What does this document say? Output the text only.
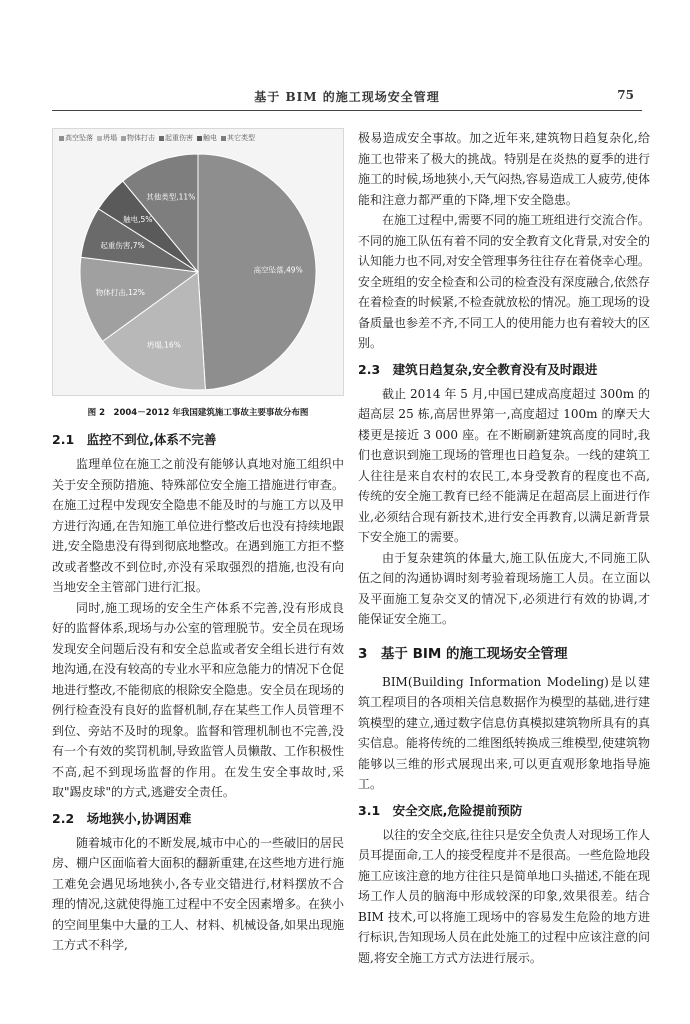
基于 BIM 的施工现场安全管理	75
高空坠落 坍塌 物体打击 起重伤害 触电 其它类型
高空坠落,49%
坍塌,16%
物体打击,12%
起重伤害,7%
触电,5%
其他类型,11%
图 2　2004－2012 年我国建筑施工事故主要事故分布图
2.1　监控不到位,体系不完善

监理单位在施工之前没有能够认真地对施工组织中关于安全预防措施、特殊部位安全施工措施进行审查。在施工过程中发现安全隐患不能及时的与施工方以及甲方进行沟通,在告知施工单位进行整改后也没有持续地跟进,安全隐患没有得到彻底地整改。在遇到施工方拒不整改或者整改不到位时,亦没有采取强烈的措施,也没有向当地安全主管部门进行汇报。

同时,施工现场的安全生产体系不完善,没有形成良好的监督体系,现场与办公室的管理脱节。安全员在现场发现安全问题后没有和安全总监或者安全组长进行有效地沟通,在没有较高的专业水平和应急能力的情况下仓促地进行整改,不能彻底的根除安全隐患。安全员在现场的例行检查没有良好的监督机制,存在某些工作人员管理不到位、旁站不及时的现象。监督和管理机制也不完善,没有一个有效的奖罚机制,导致监管人员懒散、工作积极性不高,起不到现场监督的作用。在发生安全事故时,采取"踢皮球"的方式,逃避安全责任。

2.2　场地狭小,协调困难

随着城市化的不断发展,城市中心的一些破旧的居民房、棚户区面临着大面积的翻新重建,在这些地方进行施工难免会遇见场地狭小,各专业交错进行,材料摆放不合理的情况,这就使得施工过程中不安全因素增多。在狭小的空间里集中大量的工人、材料、机械设备,如果出现施工方式不科学,

极易造成安全事故。加之近年来,建筑物日趋复杂化,给施工也带来了极大的挑战。特别是在炎热的夏季的进行施工的时候,场地狭小,天气闷热,容易造成工人疲劳,使体能和注意力都严重的下降,埋下安全隐患。

在施工过程中,需要不同的施工班组进行交流合作。不同的施工队伍有着不同的安全教育文化背景,对安全的认知能力也不同,对安全管理事务往往存在着侥幸心理。安全班组的安全检查和公司的检查没有深度融合,依然存在着检查的时候紧,不检查就放松的情况。施工现场的设备质量也参差不齐,不同工人的使用能力也有着较大的区别。

2.3　建筑日趋复杂,安全教育没有及时跟进

截止 2014 年 5 月,中国已建成高度超过 300m 的超高层 25 栋,高居世界第一,高度超过 100m 的摩天大楼更是接近 3 000 座。在不断刷新建筑高度的同时,我们也意识到施工现场的管理也日趋复杂。一线的建筑工人往往是来自农村的农民工,本身受教育的程度也不高,传统的安全施工教育已经不能满足在超高层上面进行作业,必须结合现有新技术,进行安全再教育,以满足新背景下安全施工的需要。

由于复杂建筑的体量大,施工队伍庞大,不同施工队伍之间的沟通协调时刻考验着现场施工人员。在立面以及平面施工复杂交叉的情况下,必须进行有效的协调,才能保证安全施工。

3　基于 BIM 的施工现场安全管理

BIM(Building Information Modeling)是以建筑工程项目的各项相关信息数据作为模型的基础,进行建筑模型的建立,通过数字信息仿真模拟建筑物所具有的真实信息。能将传统的二维图纸转换成三维模型,使建筑物能够以三维的形式展现出来,可以更直观形象地指导施工。

3.1　安全交底,危险提前预防

以往的安全交底,往往只是安全负责人对现场工作人员耳提面命,工人的接受程度并不是很高。一些危险地段施工应该注意的地方往往只是简单地口头描述,不能在现场工作人员的脑海中形成较深的印象,效果很差。结合 BIM 技术,可以将施工现场中的容易发生危险的地方进行标识,告知现场人员在此处施工的过程中应该注意的问题,将安全施工方式方法进行展示。
